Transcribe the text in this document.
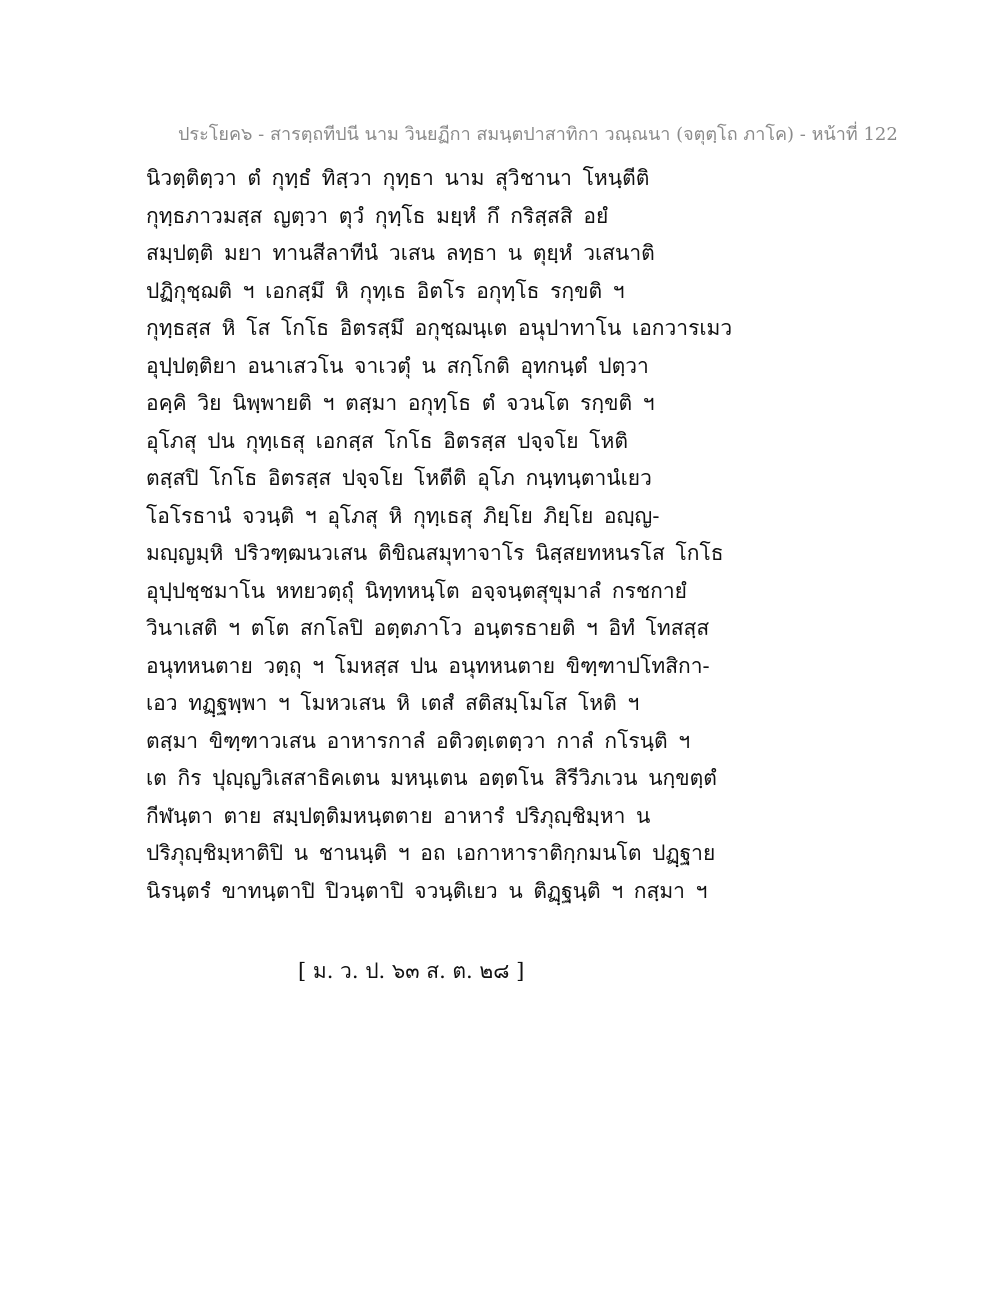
ประโยค๖ - สารตฺถทีปนี นาม วินยฏีกา สมนฺตปาสาทิกา วณฺณนา (จตุตฺโถ ภาโค) - หน้าที่ 122
นิวตฺติตฺวา ตํ กุทฺธํ ทิสฺวา กุทฺธา นาม สุวิชานา โหนฺตีติ
กุทฺธภาวมสฺส ญตฺวา ตุวํ กุทฺโธ มยฺหํ กึ กริสฺสสิ อยํ
สมฺปตฺติ มยา ทานสีลาทีนํ วเสน ลทฺธา น ตุยฺหํ วเสนาติ
ปฏิกุชฺฌติ ฯ เอกสฺมึ หิ กุทฺเธ อิตโร อกุทฺโธ รกฺขติ ฯ
กุทฺธสฺส หิ โส โกโธ อิตรสฺมึ อกุชฺฌนฺเต อนุปาทาโน เอกวารเมว
อุปฺปตฺติยา อนาเสวโน จาเวตุํ น สกฺโกติ อุทกนฺตํ ปตฺวา
อคฺคิ วิย นิพฺพายติ ฯ ตสฺมา อกุทฺโธ ตํ จวนโต รกฺขติ ฯ
อุโภสุ ปน กุทฺเธสุ เอกสฺส โกโธ อิตรสฺส ปจฺจโย โหติ
ตสฺสปิ โกโธ อิตรสฺส ปจฺจโย โหตีติ อุโภ กนฺทนฺตานํเยว
โอโรธานํ จวนฺติ ฯ อุโภสุ หิ กุทฺเธสุ ภิยฺโย ภิยฺโย อญฺญ-
มญฺญมฺหิ ปริวฑฺฒนวเสน ติขิณสมุทาจาโร นิสฺสยทหนรโส โกโธ
อุปฺปชฺชมาโน หทยวตฺถุํ นิทฺทหนฺโต อจฺจนฺตสุขุมาลํ กรชกายํ
วินาเสติ ฯ ตโต สกโลปิ อตฺตภาโว อนฺตรธายติ ฯ อิทํ โทสสฺส
อนุทหนตาย วตฺถุ ฯ โมหสฺส ปน อนุทหนตาย ขิฑฺฑาปโทสิกา-
เอว ทฏฺฐพฺพา ฯ โมหวเสน หิ เตสํ สติสมฺโมโส โหติ ฯ
ตสฺมา ขิฑฺฑาวเสน อาหารกาลํ อติวตฺเตตฺวา กาลํ กโรนฺติ ฯ
เต กิร ปุญฺญวิเสสาธิคเตน มหนฺเตน อตฺตโน สิรีวิภเวน นกฺขตฺตํ
กีฬนฺตา ตาย สมฺปตฺติมหนฺตตาย อาหารํ ปริภุญฺชิมฺหา น
ปริภุญฺชิมฺหาติปิ น ชานนฺติ ฯ อถ เอกาหาราติกฺกมนโต ปฏฺฐาย
นิรนฺตรํ ขาทนฺตาปิ ปิวนฺตาปิ จวนฺติเยว น ติฏฺฐนฺติ ฯ กสฺมา ฯ
[ ม. ว. ป. ๖๓ ส. ต. ๒๘ ]
